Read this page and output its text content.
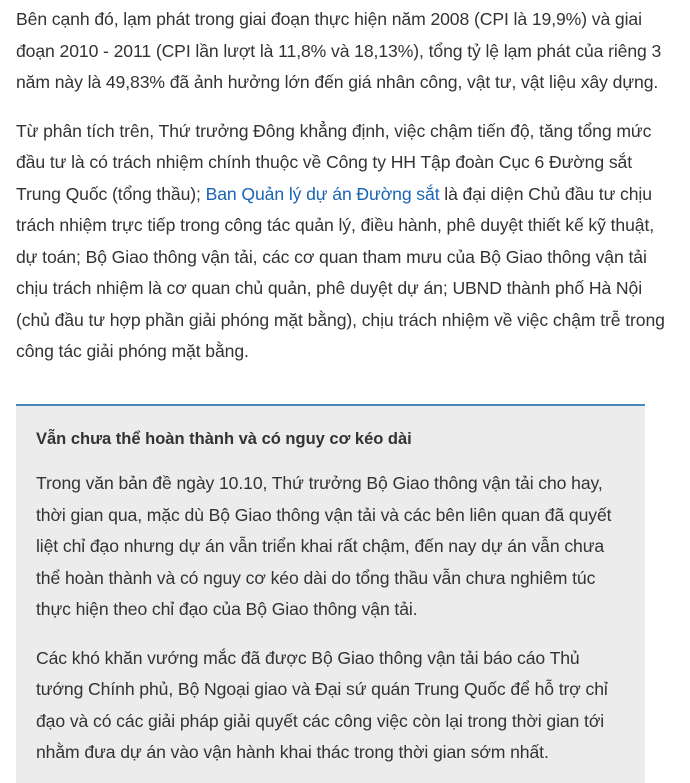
Bên cạnh đó, lạm phát trong giai đoạn thực hiện năm 2008 (CPI là 19,9%) và giai đoạn 2010 - 2011 (CPI lần lượt là 11,8% và 18,13%), tổng tỷ lệ lạm phát của riêng 3 năm này là 49,83% đã ảnh hưởng lớn đến giá nhân công, vật tư, vật liệu xây dựng.

Từ phân tích trên, Thứ trưởng Đông khẳng định, việc chậm tiến độ, tăng tổng mức đầu tư là có trách nhiệm chính thuộc về Công ty HH Tập đoàn Cục 6 Đường sắt Trung Quốc (tổng thầu); Ban Quản lý dự án Đường sắt là đại diện Chủ đầu tư chịu trách nhiệm trực tiếp trong công tác quản lý, điều hành, phê duyệt thiết kế kỹ thuật, dự toán; Bộ Giao thông vận tải, các cơ quan tham mưu của Bộ Giao thông vận tải chịu trách nhiệm là cơ quan chủ quản, phê duyệt dự án; UBND thành phố Hà Nội (chủ đầu tư hợp phần giải phóng mặt bằng), chịu trách nhiệm về việc chậm trễ trong công tác giải phóng mặt bằng.

Vẫn chưa thể hoàn thành và có nguy cơ kéo dài

Trong văn bản đề ngày 10.10, Thứ trưởng Bộ Giao thông vận tải cho hay, thời gian qua, mặc dù Bộ Giao thông vận tải và các bên liên quan đã quyết liệt chỉ đạo nhưng dự án vẫn triển khai rất chậm, đến nay dự án vẫn chưa thể hoàn thành và có nguy cơ kéo dài do tổng thầu vẫn chưa nghiêm túc thực hiện theo chỉ đạo của Bộ Giao thông vận tải.

Các khó khăn vướng mắc đã được Bộ Giao thông vận tải báo cáo Thủ tướng Chính phủ, Bộ Ngoại giao và Đại sứ quán Trung Quốc để hỗ trợ chỉ đạo và có các giải pháp giải quyết các công việc còn lại trong thời gian tới nhằm đưa dự án vào vận hành khai thác trong thời gian sớm nhất.
